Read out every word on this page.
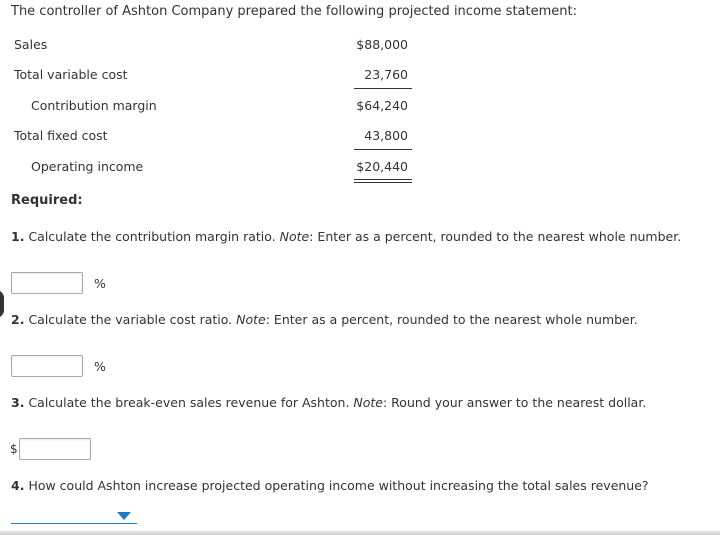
The controller of Ashton Company prepared the following projected income statement:
Sales	$88,000
Total variable cost	23,760
Contribution margin	$64,240
Total fixed cost	43,800
Operating income	$20,440
Required:
1. Calculate the contribution margin ratio. Note: Enter as a percent, rounded to the nearest whole number.
%
2. Calculate the variable cost ratio. Note: Enter as a percent, rounded to the nearest whole number.
%
3. Calculate the break-even sales revenue for Ashton. Note: Round your answer to the nearest dollar.
$
4. How could Ashton increase projected operating income without increasing the total sales revenue?
